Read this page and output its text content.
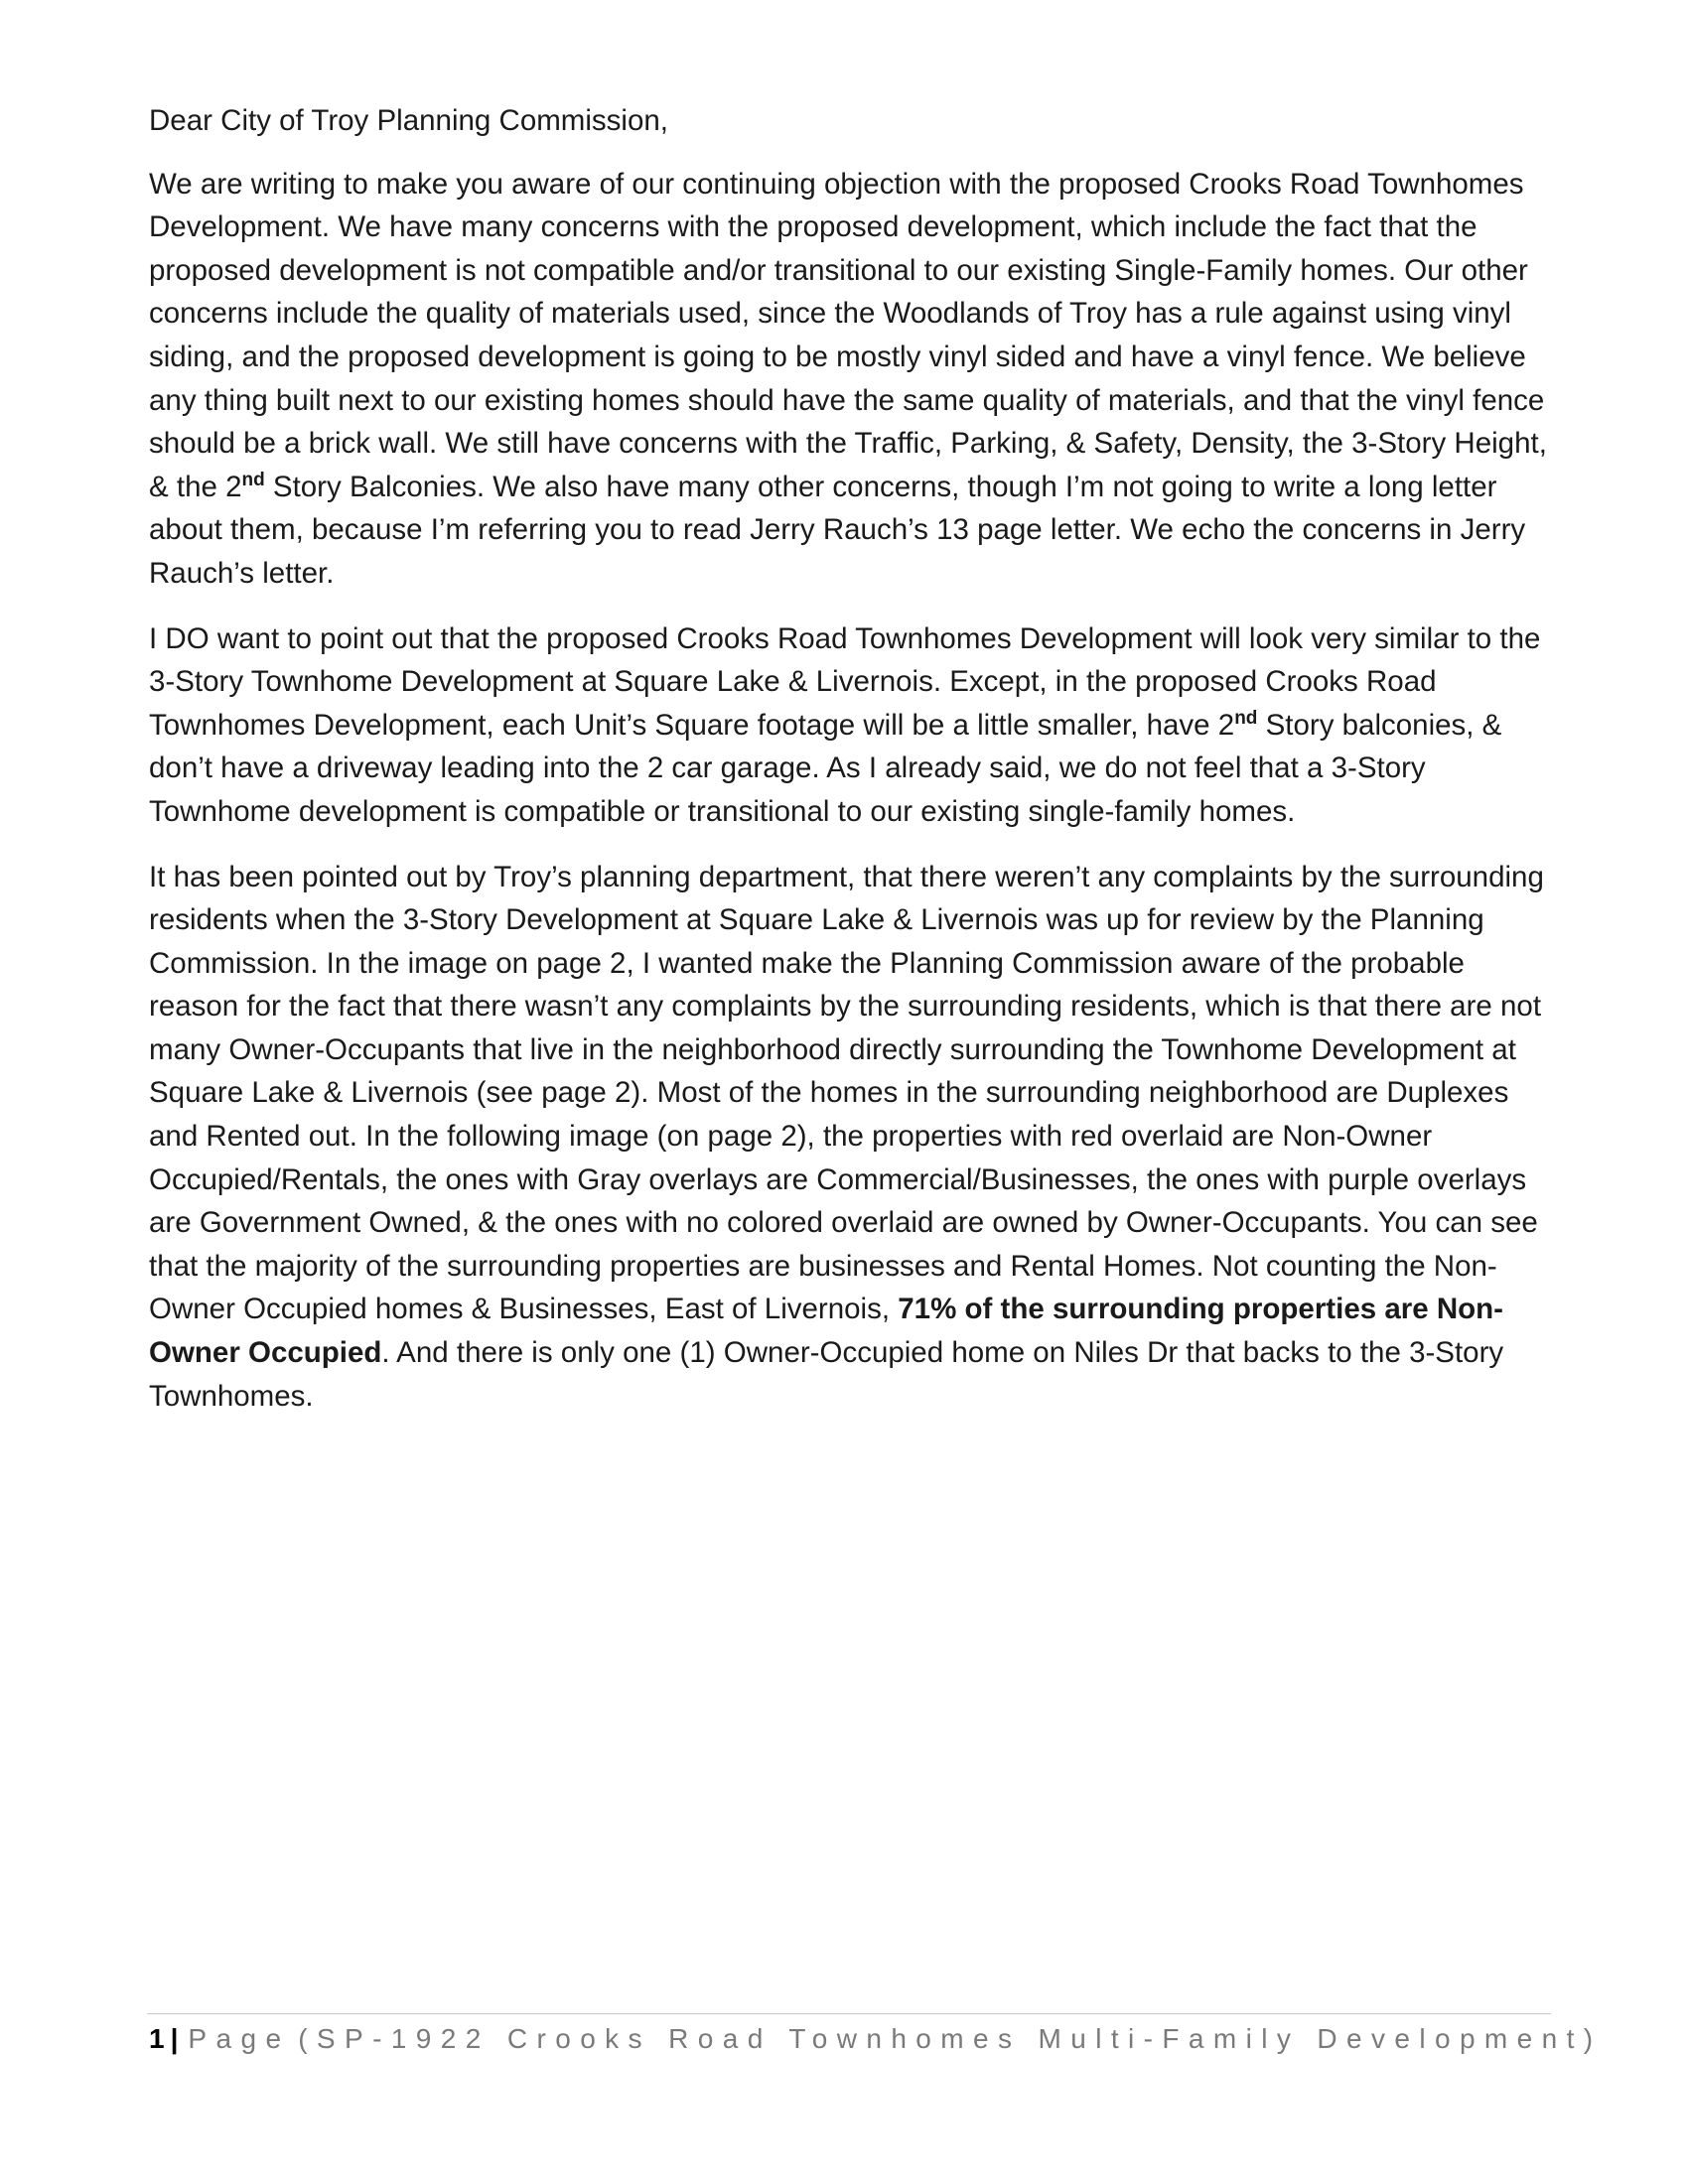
Dear City of Troy Planning Commission,

We are writing to make you aware of our continuing objection with the proposed Crooks Road Townhomes Development. We have many concerns with the proposed development, which include the fact that the proposed development is not compatible and/or transitional to our existing Single-Family homes. Our other concerns include the quality of materials used, since the Woodlands of Troy has a rule against using vinyl siding, and the proposed development is going to be mostly vinyl sided and have a vinyl fence. We believe any thing built next to our existing homes should have the same quality of materials, and that the vinyl fence should be a brick wall. We still have concerns with the Traffic, Parking, & Safety, Density, the 3-Story Height, & the 2nd Story Balconies. We also have many other concerns, though I’m not going to write a long letter about them, because I’m referring you to read Jerry Rauch’s 13 page letter. We echo the concerns in Jerry Rauch’s letter.

I DO want to point out that the proposed Crooks Road Townhomes Development will look very similar to the 3-Story Townhome Development at Square Lake & Livernois. Except, in the proposed Crooks Road Townhomes Development, each Unit’s Square footage will be a little smaller, have 2nd Story balconies, & don’t have a driveway leading into the 2 car garage. As I already said, we do not feel that a 3-Story Townhome development is compatible or transitional to our existing single-family homes.

It has been pointed out by Troy’s planning department, that there weren’t any complaints by the surrounding residents when the 3-Story Development at Square Lake & Livernois was up for review by the Planning Commission. In the image on page 2, I wanted make the Planning Commission aware of the probable reason for the fact that there wasn’t any complaints by the surrounding residents, which is that there are not many Owner-Occupants that live in the neighborhood directly surrounding the Townhome Development at Square Lake & Livernois (see page 2). Most of the homes in the surrounding neighborhood are Duplexes and Rented out. In the following image (on page 2), the properties with red overlaid are Non-Owner Occupied/Rentals, the ones with Gray overlays are Commercial/Businesses, the ones with purple overlays are Government Owned, & the ones with no colored overlaid are owned by Owner-Occupants. You can see that the majority of the surrounding properties are businesses and Rental Homes. Not counting the Non-Owner Occupied homes & Businesses, East of Livernois, 71% of the surrounding properties are Non-Owner Occupied. And there is only one (1) Owner-Occupied home on Niles Dr that backs to the 3-Story Townhomes.

1 | Page (SP-1922 Crooks Road Townhomes Multi-Family Development)
